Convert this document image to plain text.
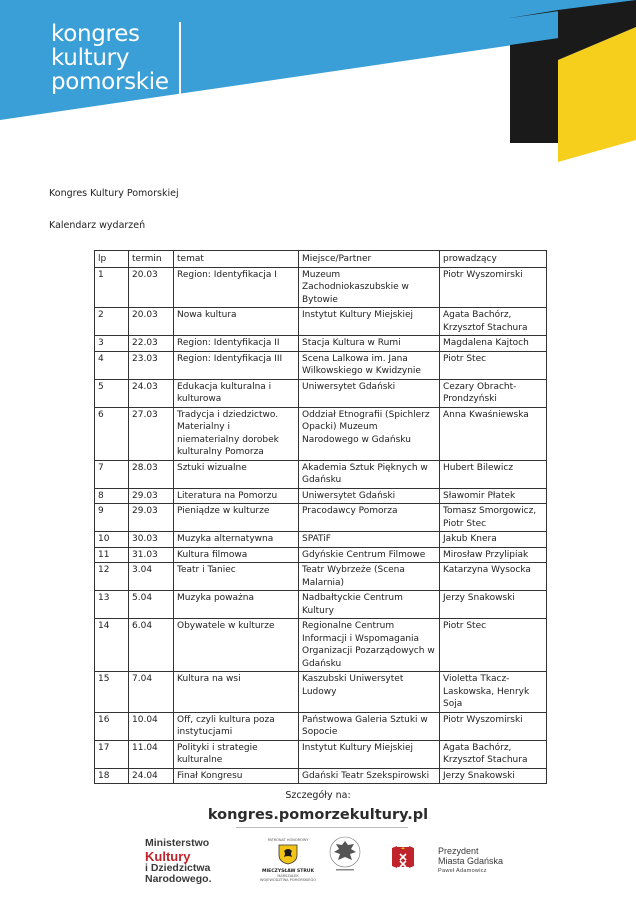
kongres
kultury
pomorskie
Kongres Kultury Pomorskiej
Kalendarz wydarzeń
lp	termin	temat	Miejsce/Partner	prowadzący
1	20.03	Region: Identyfikacja I	Muzeum Zachodniokaszubskie w Bytowie	Piotr Wyszomirski
2	20.03	Nowa kultura	Instytut Kultury Miejskiej	Agata Bachórz, Krzysztof Stachura
3	22.03	Region: Identyfikacja II	Stacja Kultura w Rumi	Magdalena Kajtoch
4	23.03	Region: Identyfikacja III	Scena Lalkowa im. Jana Wilkowskiego w Kwidzynie	Piotr Stec
5	24.03	Edukacja kulturalna i kulturowa	Uniwersytet Gdański	Cezary Obracht-Prondzyński
6	27.03	Tradycja i dziedzictwo. Materialny i niematerialny dorobek kulturalny Pomorza	Oddział Etnografii (Spichlerz Opacki) Muzeum Narodowego w Gdańsku	Anna Kwaśniewska
7	28.03	Sztuki wizualne	Akademia Sztuk Pięknych w Gdańsku	Hubert Bilewicz
8	29.03	Literatura na Pomorzu	Uniwersytet Gdański	Sławomir Płatek
9	29.03	Pieniądze w kulturze	Pracodawcy Pomorza	Tomasz Smorgowicz, Piotr Stec
10	30.03	Muzyka alternatywna	SPATiF	Jakub Knera
11	31.03	Kultura filmowa	Gdyńskie Centrum Filmowe	Mirosław Przylipiak
12	3.04	Teatr i Taniec	Teatr Wybrzeże (Scena Malarnia)	Katarzyna Wysocka
13	5.04	Muzyka poważna	Nadbałtyckie Centrum Kultury	Jerzy Snakowski
14	6.04	Obywatele w kulturze	Regionalne Centrum Informacji i Wspomagania Organizacji Pozarządowych w Gdańsku	Piotr Stec
15	7.04	Kultura na wsi	Kaszubski Uniwersytet Ludowy	Violetta Tkacz-Laskowska, Henryk Soja
16	10.04	Off, czyli kultura poza instytucjami	Państwowa Galeria Sztuki w Sopocie	Piotr Wyszomirski
17	11.04	Polityki i strategie kulturalne	Instytut Kultury Miejskiej	Agata Bachórz, Krzysztof Stachura
18	24.04	Finał Kongresu	Gdański Teatr Szekspirowski	Jerzy Snakowski
Szczegóły na:
kongres.pomorzekultury.pl
Ministerstwo
Kultury
i Dziedzictwa
Narodowego.
PATRONAT HONOROWY
MIECZYSŁAW STRUK
MARSZAŁEK
WOJEWÓDZTWA POMORSKIEGO
Prezydent
Miasta Gdańska
Paweł Adamowicz
